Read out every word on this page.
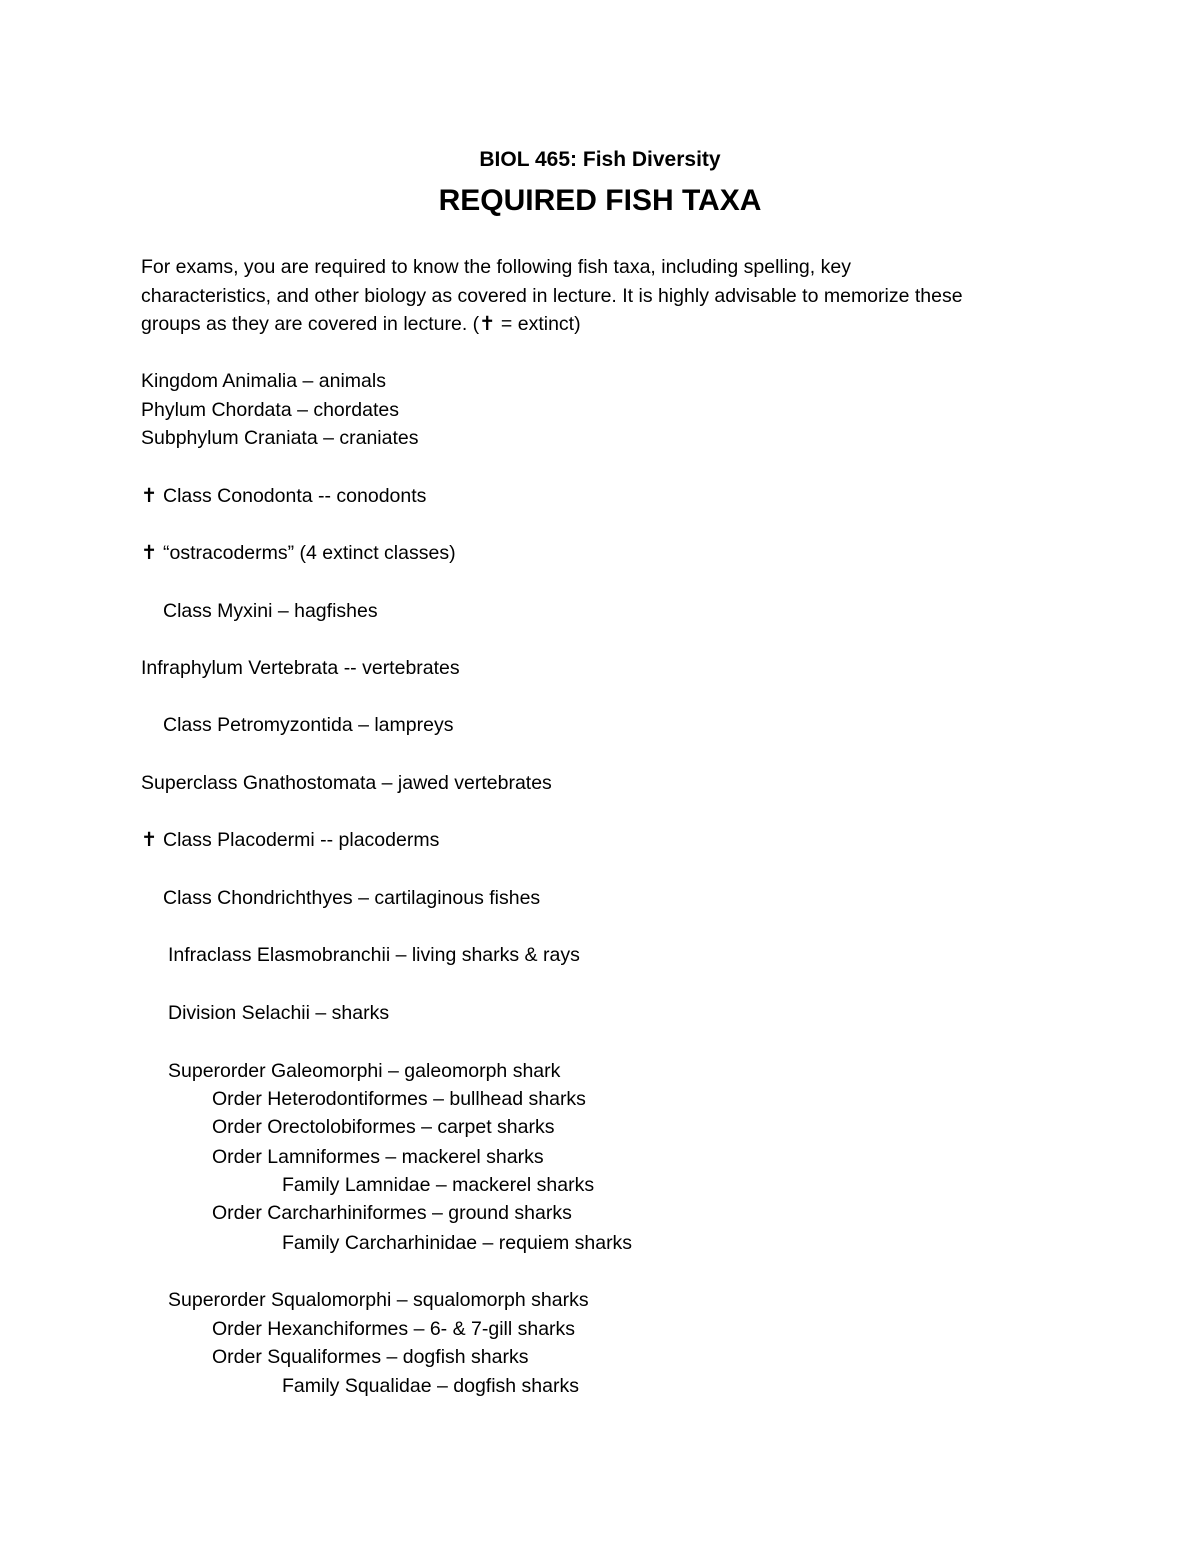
BIOL 465: Fish Diversity
REQUIRED FISH TAXA
For exams, you are required to know the following fish taxa, including spelling, key
characteristics, and other biology as covered in lecture. It is highly advisable to memorize these
groups as they are covered in lecture. (✝ = extinct)
Kingdom Animalia – animals
Phylum Chordata – chordates
Subphylum Craniata – craniates
✝ Class Conodonta -- conodonts
✝ “ostracoderms” (4 extinct classes)
Class Myxini – hagfishes
Infraphylum Vertebrata -- vertebrates
Class Petromyzontida – lampreys
Superclass Gnathostomata – jawed vertebrates
✝ Class Placodermi -- placoderms
Class Chondrichthyes – cartilaginous fishes
Infraclass Elasmobranchii – living sharks & rays
Division Selachii – sharks
Superorder Galeomorphi – galeomorph shark
Order Heterodontiformes – bullhead sharks
Order Orectolobiformes – carpet sharks
Order Lamniformes – mackerel sharks
Family Lamnidae – mackerel sharks
Order Carcharhiniformes – ground sharks
Family Carcharhinidae – requiem sharks
Superorder Squalomorphi – squalomorph sharks
Order Hexanchiformes – 6- & 7-gill sharks
Order Squaliformes – dogfish sharks
Family Squalidae – dogfish sharks
